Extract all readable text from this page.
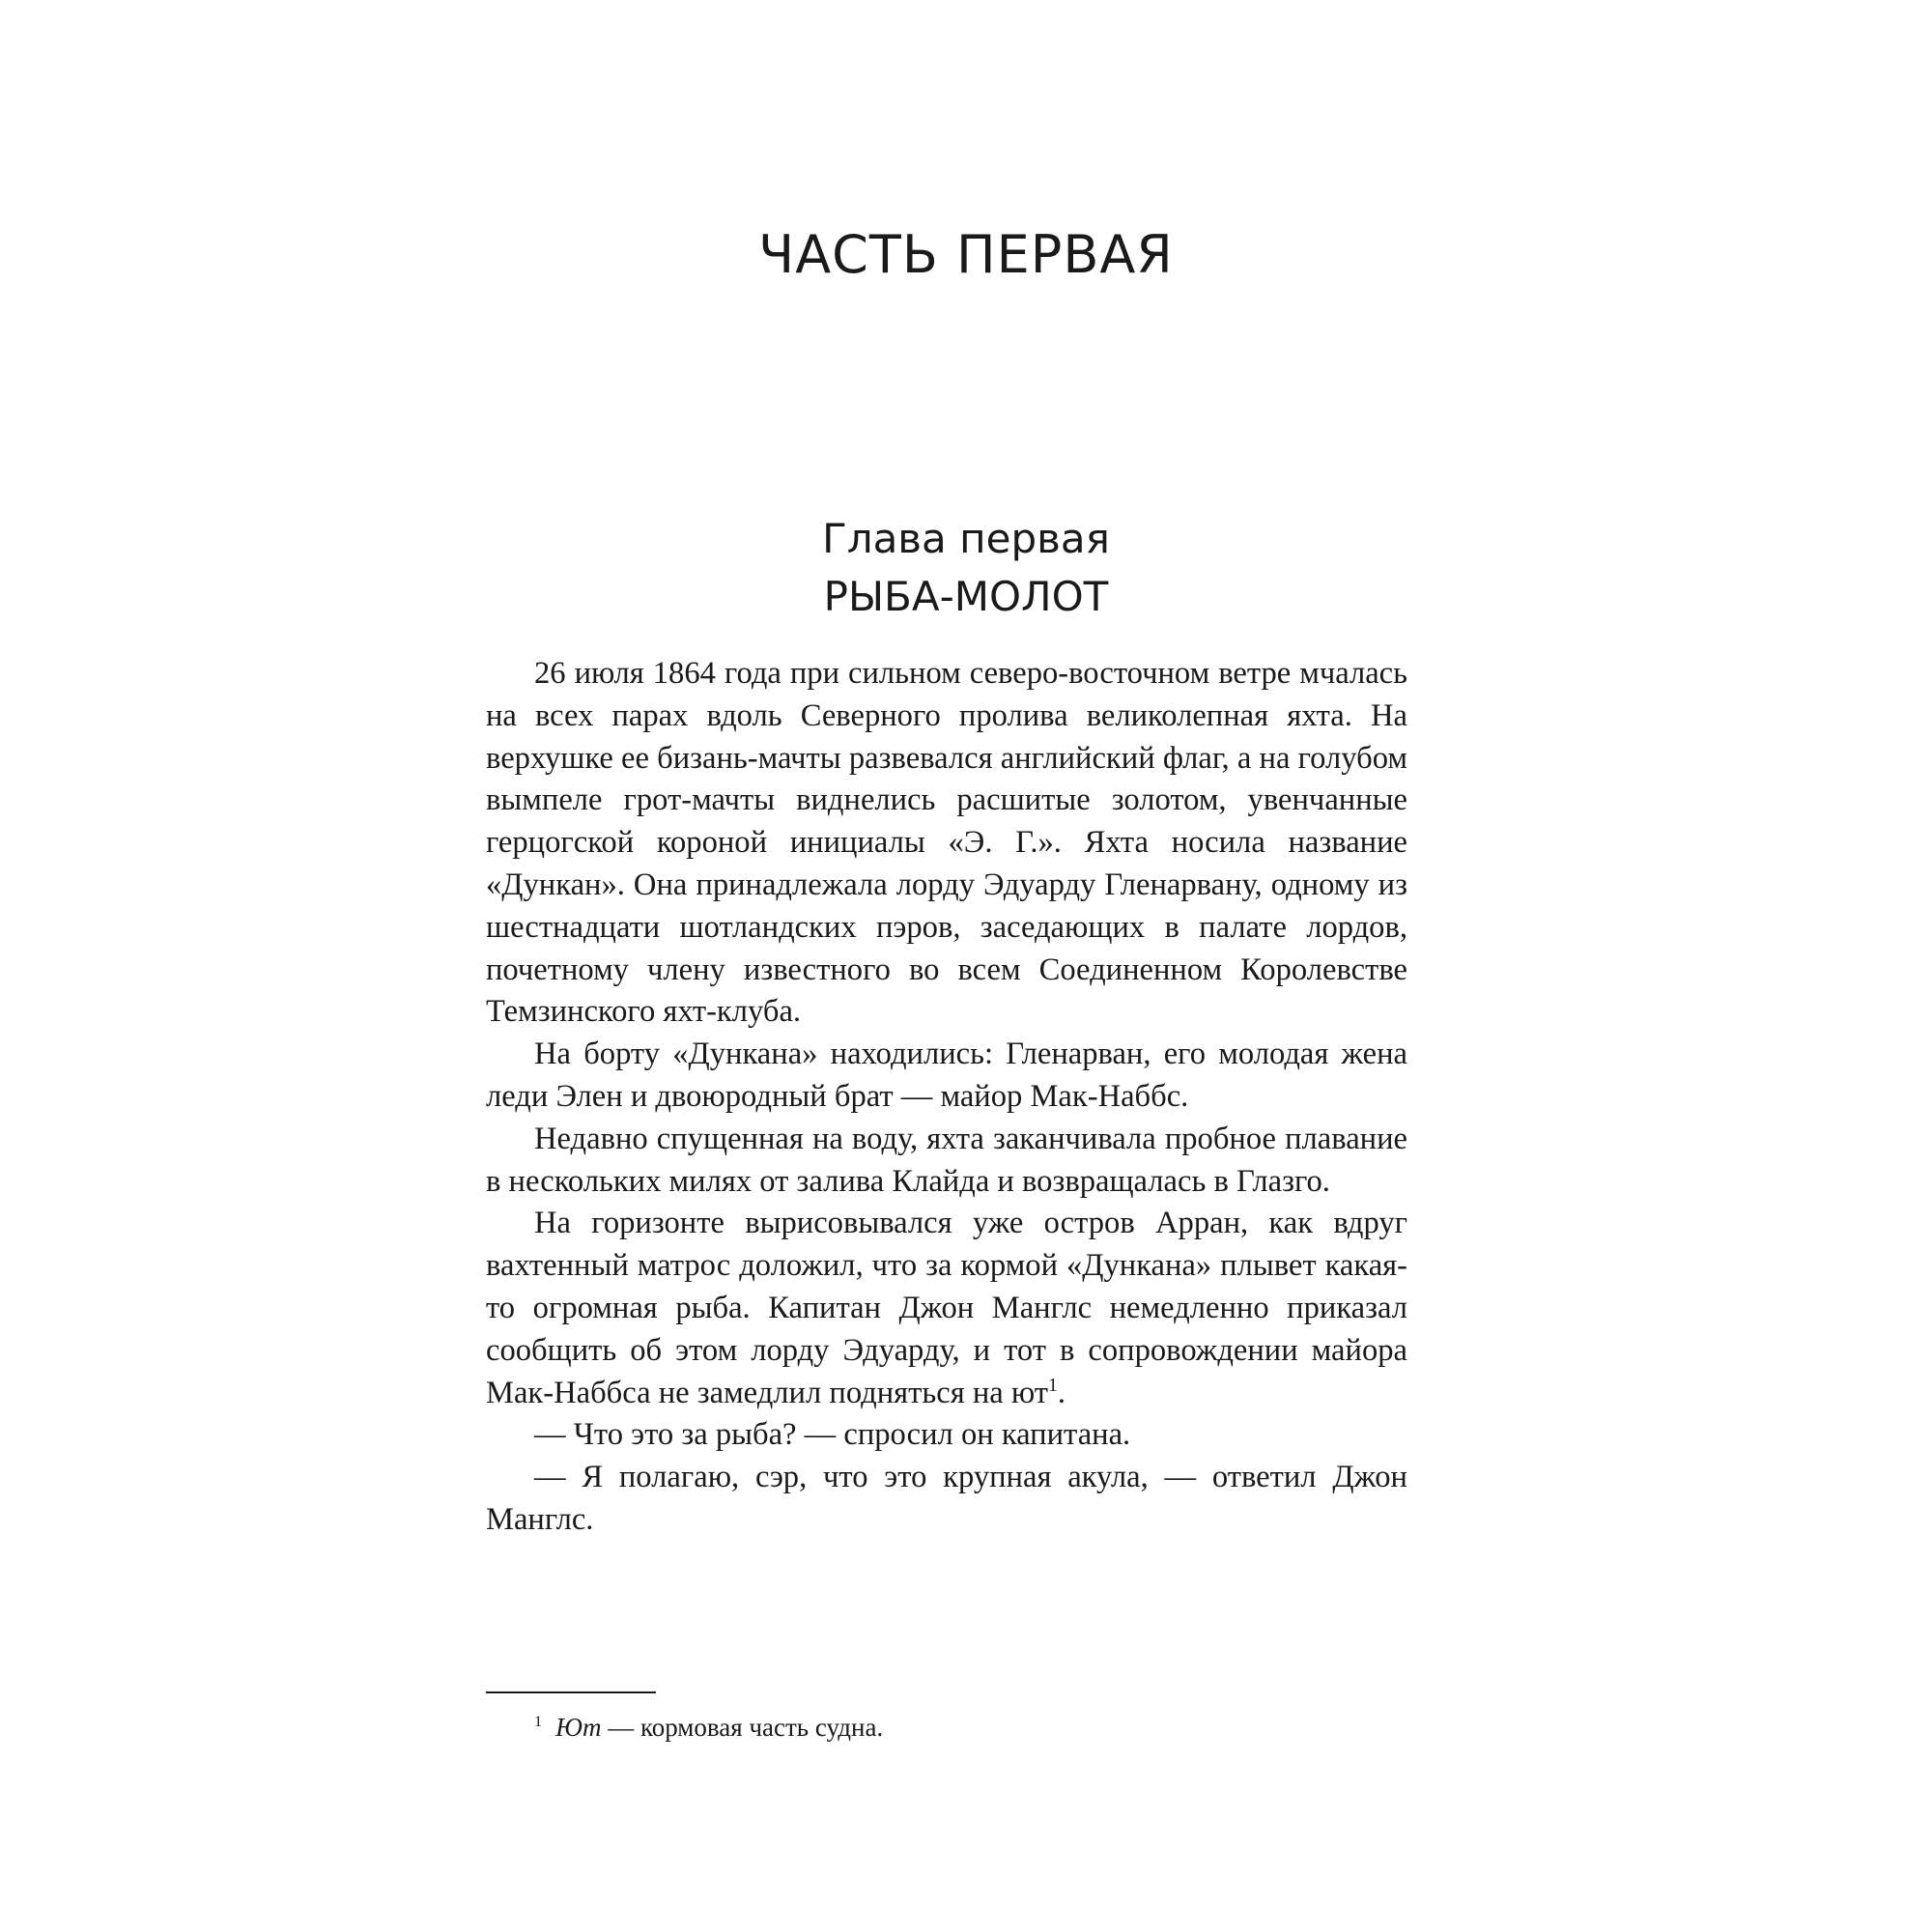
ЧАСТЬ ПЕРВАЯ
Глава первая
РЫБА-МОЛОТ

26 июля 1864 года при сильном северо-восточном ветре мчалась на всех парах вдоль Северного пролива великолепная яхта. На верхушке ее бизань-мачты развевался английский флаг, а на голубом вымпеле грот-мачты виднелись расшитые золотом, увенчанные герцогской короной инициалы «Э. Г.». Яхта носила название «Дункан». Она принадлежала лорду Эдуарду Гленарвану, одному из шестнадцати шотландских пэров, заседающих в палате лордов, почетному члену известного во всем Соединенном Королевстве Темзинского яхт-клуба.

На борту «Дункана» находились: Гленарван, его молодая жена леди Элен и двоюродный брат — майор Мак-Наббс.

Недавно спущенная на воду, яхта заканчивала пробное плавание в нескольких милях от залива Клайда и возвращалась в Глазго.

На горизонте вырисовывался уже остров Арран, как вдруг вахтенный матрос доложил, что за кормой «Дункана» плывет какая-то огромная рыба. Капитан Джон Манглс немедленно приказал сообщить об этом лорду Эдуарду, и тот в сопровождении майора Мак-Наббса не замедлил подняться на $ют^1$.

— Что это за рыба? — спросил он капитана.

— Я полагаю, сэр, что это крупная акула, — ответил Джон Манглс.

$^1$ Ют — кормовая часть судна.
